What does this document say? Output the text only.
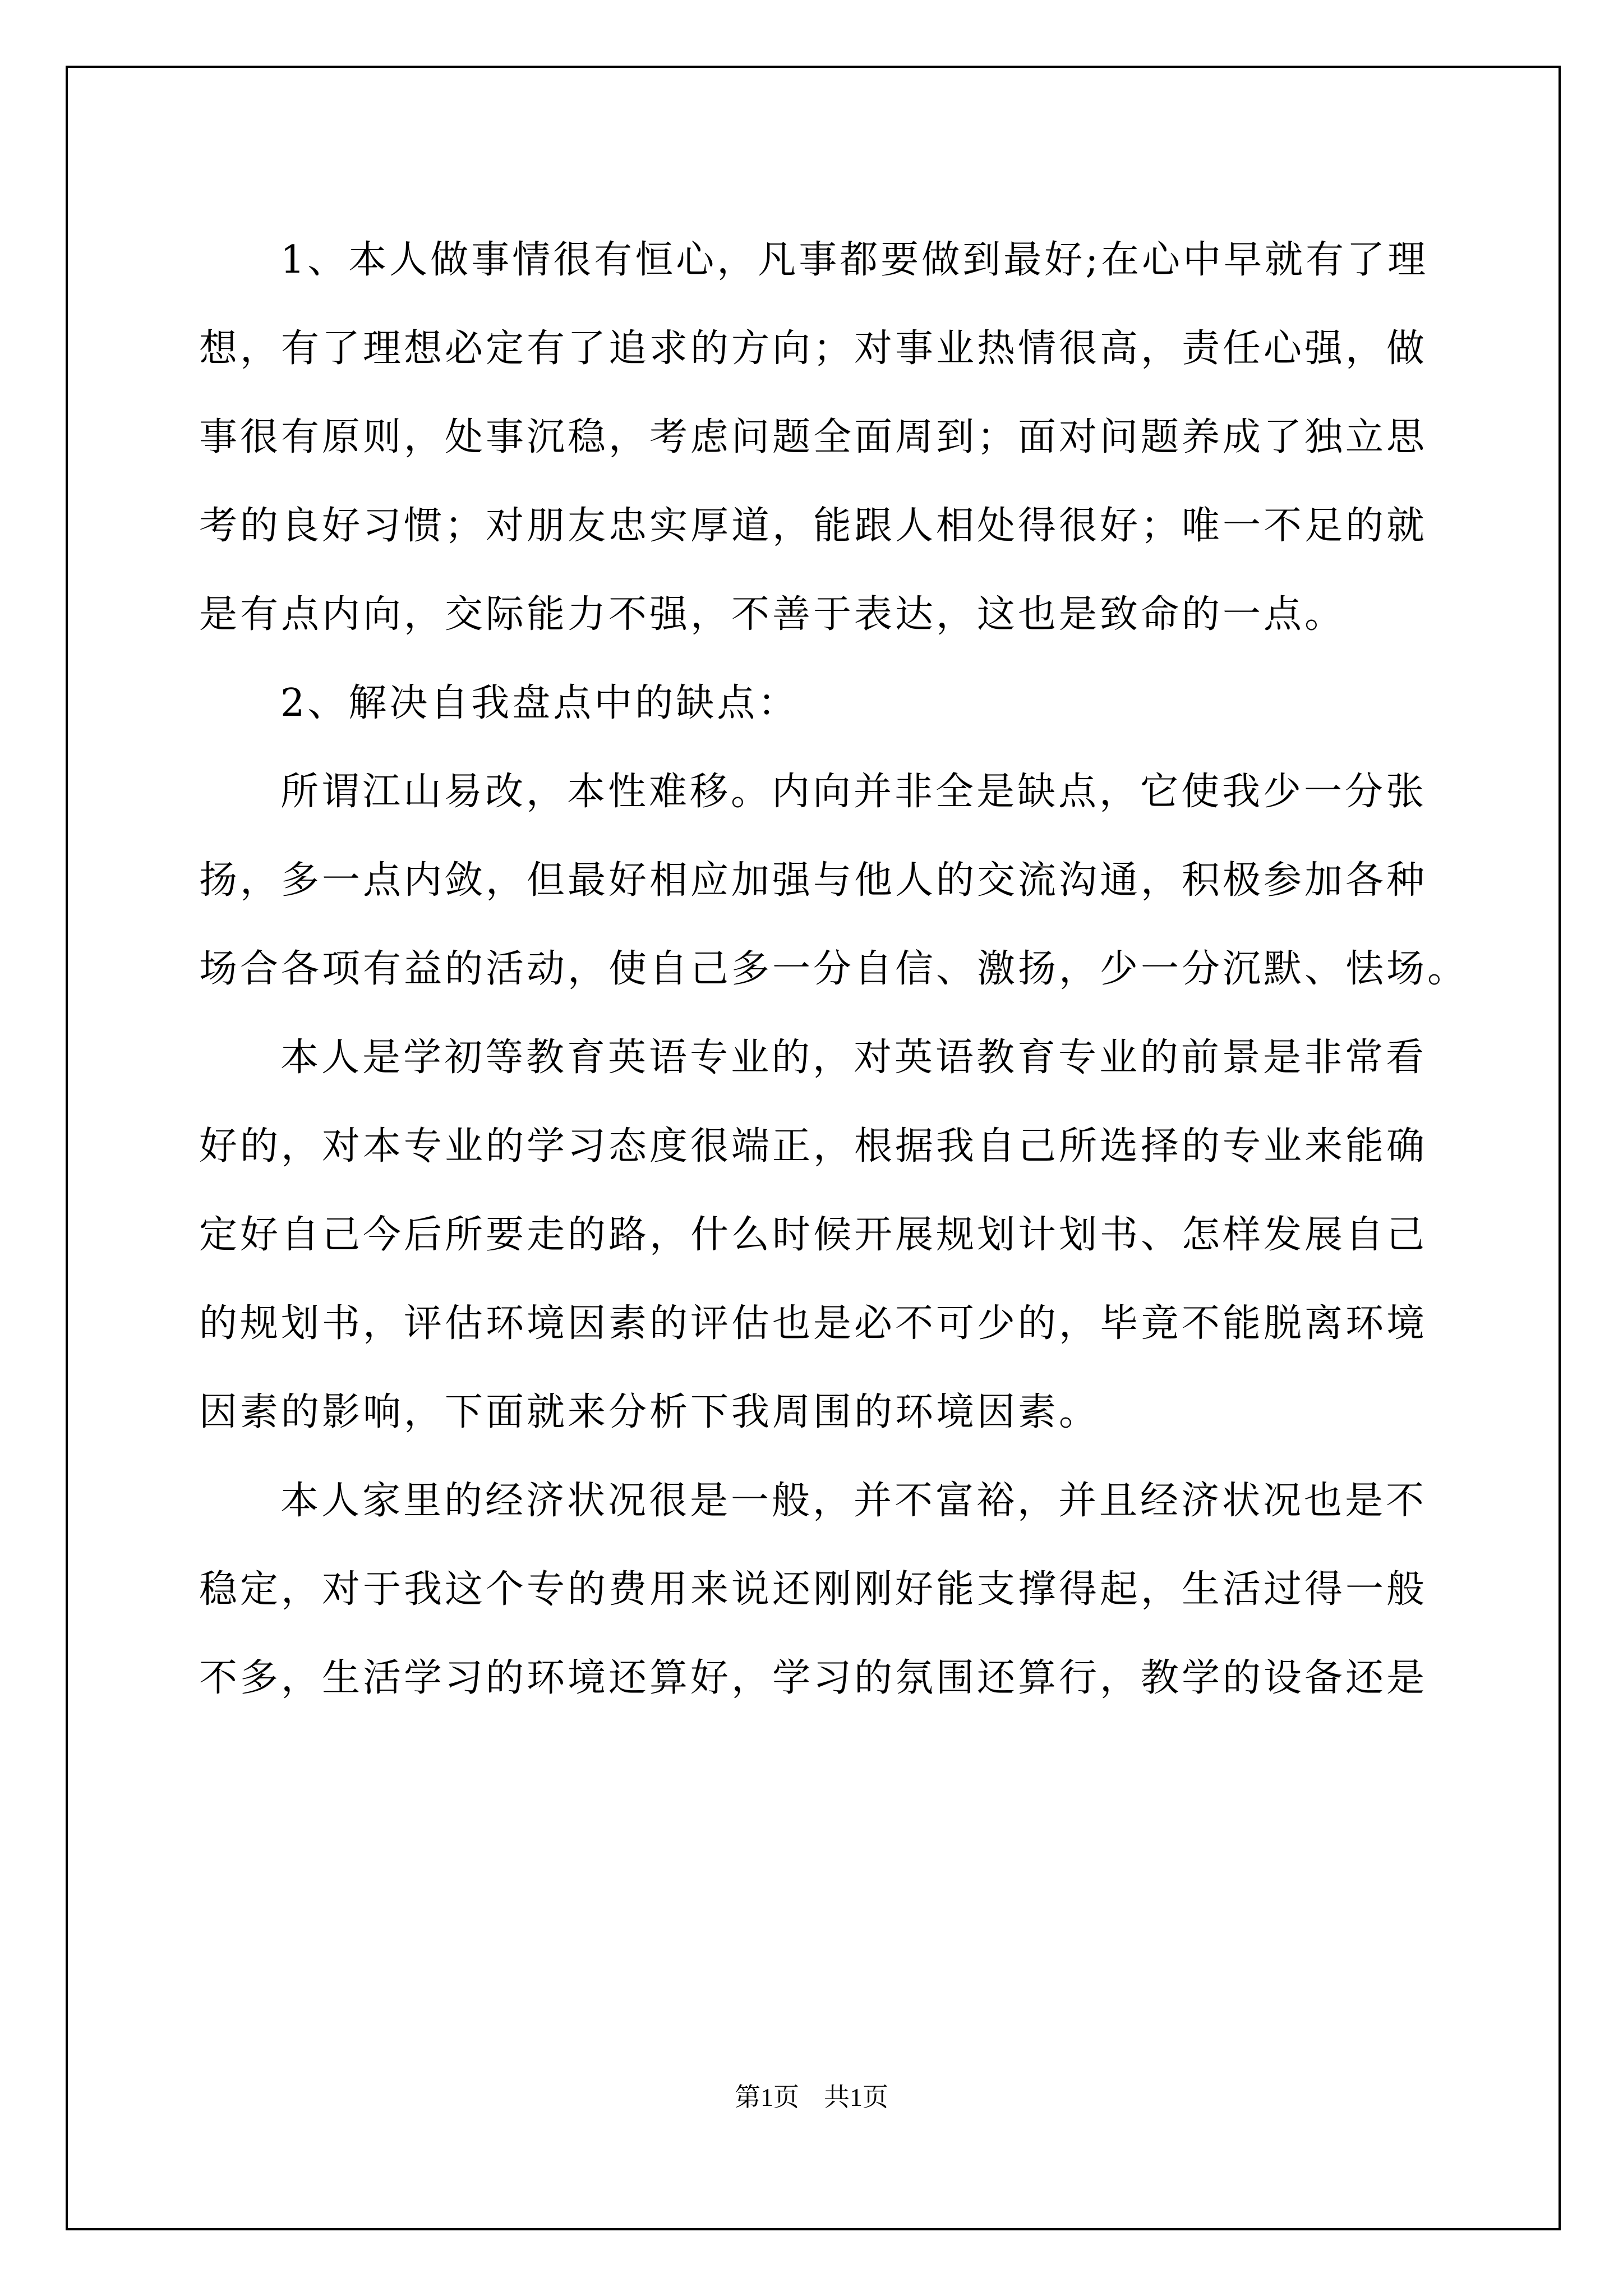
1、本人做事情很有恒心，凡事都要做到最好;在心中早就有了理
想，有了理想必定有了追求的方向；对事业热情很高，责任心强，做
事很有原则，处事沉稳，考虑问题全面周到；面对问题养成了独立思
考的良好习惯；对朋友忠实厚道，能跟人相处得很好；唯一不足的就
是有点内向，交际能力不强，不善于表达，这也是致命的一点。
2、解决自我盘点中的缺点：
所谓江山易改，本性难移。内向并非全是缺点，它使我少一分张
扬，多一点内敛，但最好相应加强与他人的交流沟通，积极参加各种
场合各项有益的活动，使自己多一分自信、激扬，少一分沉默、怯场。
本人是学初等教育英语专业的，对英语教育专业的前景是非常看
好的，对本专业的学习态度很端正，根据我自己所选择的专业来能确
定好自己今后所要走的路，什么时候开展规划计划书、怎样发展自己
的规划书，评估环境因素的评估也是必不可少的，毕竟不能脱离环境
因素的影响，下面就来分析下我周围的环境因素。
本人家里的经济状况很是一般，并不富裕，并且经济状况也是不
稳定，对于我这个专的费用来说还刚刚好能支撑得起，生活过得一般
不多，生活学习的环境还算好，学习的氛围还算行，教学的设备还是
第1页 共1页
